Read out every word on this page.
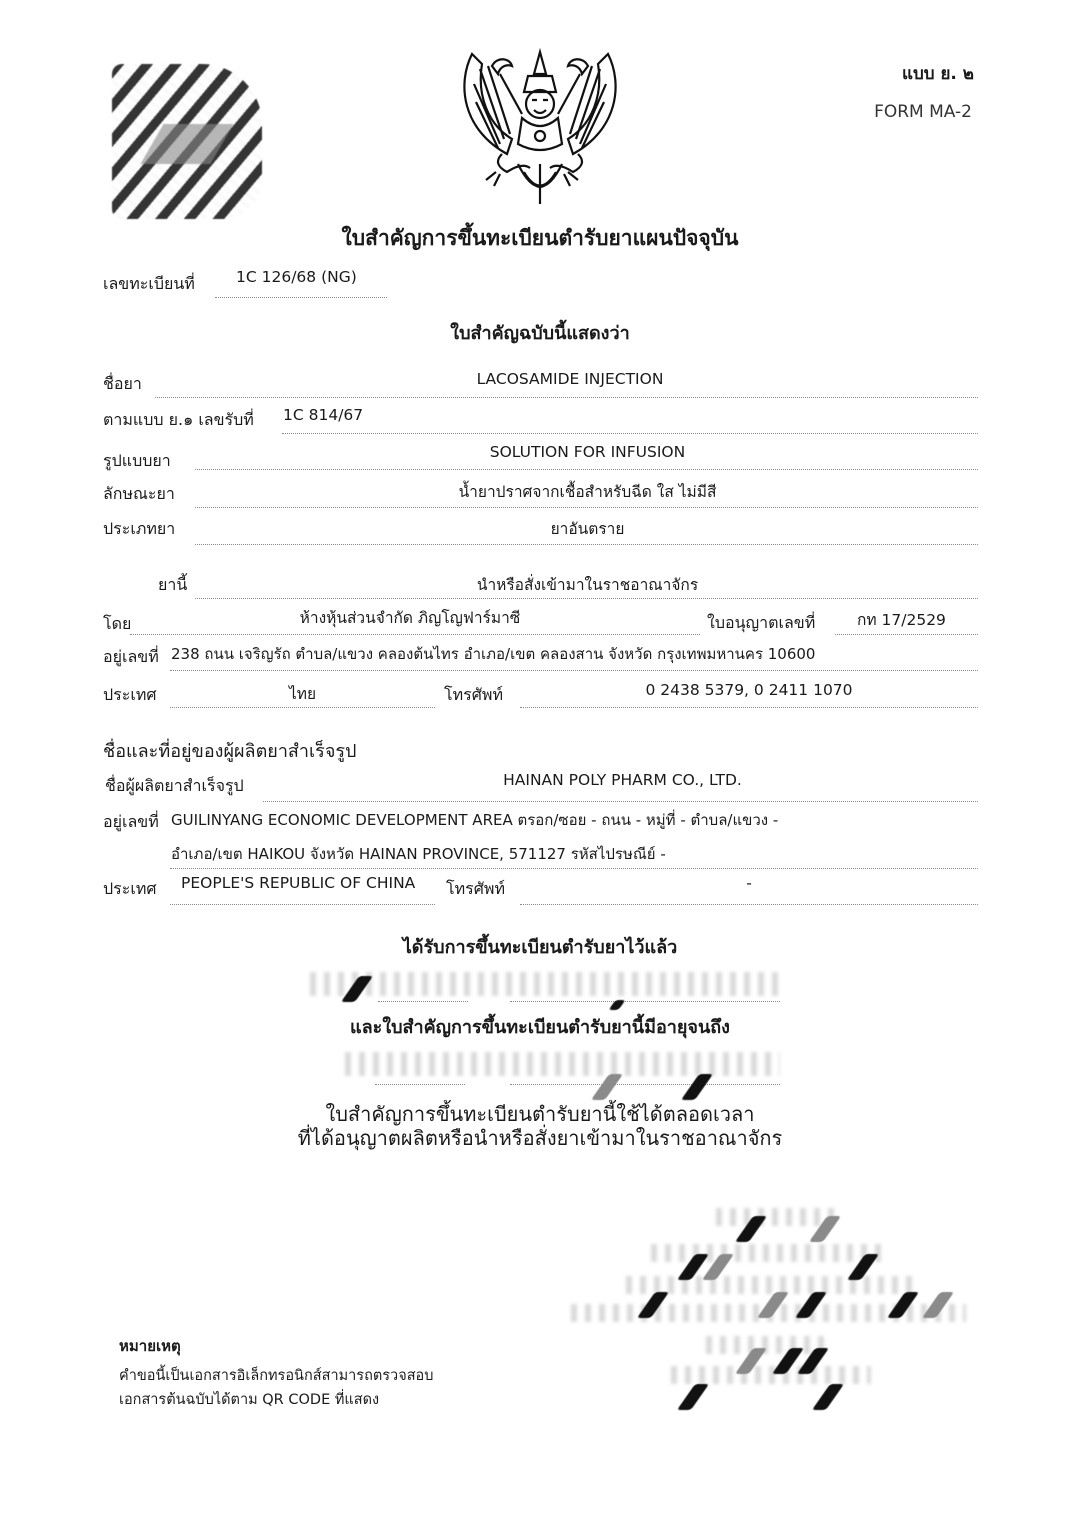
แบบ ย. ๒
FORM MA-2
ใบสำคัญการขึ้นทะเบียนตำรับยาแผนปัจจุบัน
เลขทะเบียนที่	1C 126/68 (NG)
ใบสำคัญฉบับนี้แสดงว่า
ชื่อยา	LACOSAMIDE INJECTION
ตามแบบ ย.๑ เลขรับที่ 1C 814/67
รูปแบบยา	SOLUTION FOR INFUSION
ลักษณะยา	น้ำยาปราศจากเชื้อสำหรับฉีด ใส ไม่มีสี
ประเภทยา	ยาอันตราย
ยานี้	นำหรือสั่งเข้ามาในราชอาณาจักร
โดย	ห้างหุ้นส่วนจำกัด ภิญโญฟาร์มาซี	ใบอนุญาตเลขที่	กท 17/2529
อยู่เลขที่ 238 ถนน เจริญรัถ ตำบล/แขวง คลองต้นไทร อำเภอ/เขต คลองสาน จังหวัด กรุงเทพมหานคร 10600
ประเทศ	ไทย	โทรศัพท์	0 2438 5379, 0 2411 1070
ชื่อและที่อยู่ของผู้ผลิตยาสำเร็จรูป
ชื่อผู้ผลิตยาสำเร็จรูป	HAINAN POLY PHARM CO., LTD.
อยู่เลขที่ GUILINYANG ECONOMIC DEVELOPMENT AREA ตรอก/ซอย - ถนน - หมู่ที่ - ตำบล/แขวง -
อำเภอ/เขต HAIKOU จังหวัด HAINAN PROVINCE, 571127 รหัสไปรษณีย์ -
ประเทศ PEOPLE'S REPUBLIC OF CHINA โทรศัพท์	-
ได้รับการขึ้นทะเบียนตำรับยาไว้แล้ว
และใบสำคัญการขึ้นทะเบียนตำรับยานี้มีอายุจนถึง
ใบสำคัญการขึ้นทะเบียนตำรับยานี้ใช้ได้ตลอดเวลา
ที่ได้อนุญาตผลิตหรือนำหรือสั่งยาเข้ามาในราชอาณาจักร
หมายเหตุ
คำขอนี้เป็นเอกสารอิเล็กทรอนิกส์สามารถตรวจสอบ
เอกสารต้นฉบับได้ตาม QR CODE ที่แสดง
